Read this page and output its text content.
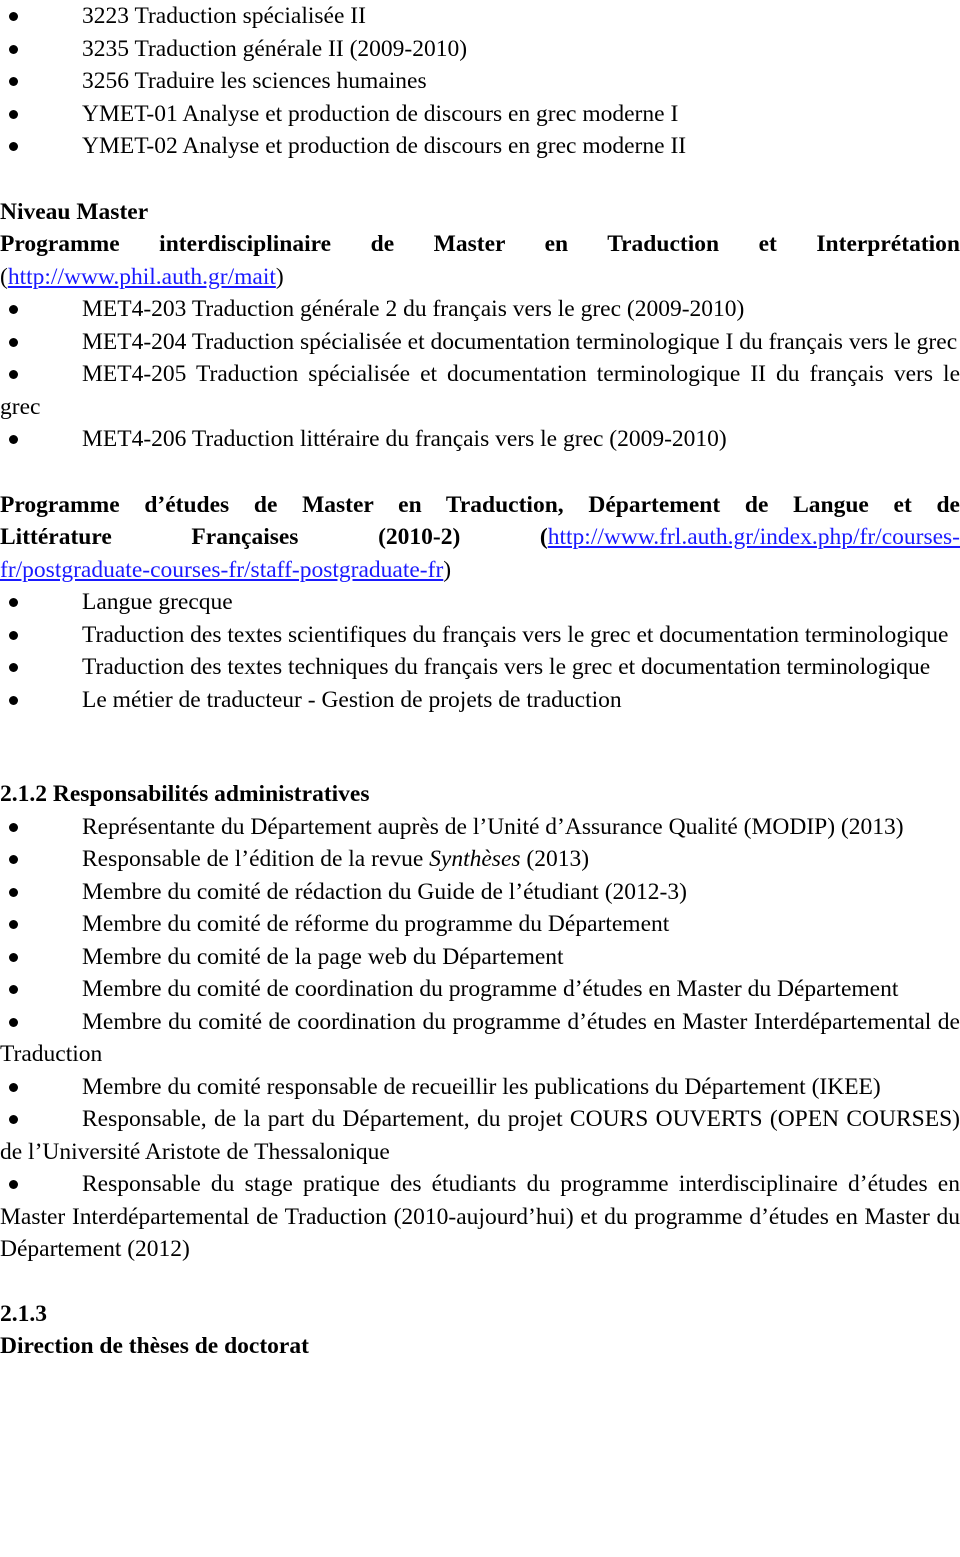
3223 Traduction spécialisée II
3235 Traduction générale II (2009-2010)
3256 Traduire les sciences humaines
YMET-01 Analyse et production de discours en grec moderne I
YMET-02 Analyse et production de discours en grec moderne II
Niveau Master
Programme interdisciplinaire de Master en Traduction et Interprétation
(http://www.phil.auth.gr/mait)
MET4-203 Traduction générale 2 du français vers le grec (2009-2010)
MET4-204 Traduction spécialisée et documentation terminologique I du français vers le grec
MET4-205 Traduction spécialisée et documentation terminologique II du français vers le grec
MET4-206 Traduction littéraire du français vers le grec (2009-2010)
Programme d’études de Master en Traduction, Département de Langue et de
Littérature Françaises (2010-2) (http://www.frl.auth.gr/index.php/fr/courses-
fr/postgraduate-courses-fr/staff-postgraduate-fr)
Langue grecque
Traduction des textes scientifiques du français vers le grec et documentation terminologique
Traduction des textes techniques du français vers le grec et documentation terminologique
Le métier de traducteur - Gestion de projets de traduction
2.1.2 Responsabilités administratives
Représentante du Département auprès de l’Unité d’Assurance Qualité (MODIP) (2013)
Responsable de l’édition de la revue Synthèses (2013)
Membre du comité de rédaction du Guide de l’étudiant (2012-3)
Membre du comité de réforme du programme du Département
Membre du comité de la page web du Département
Membre du comité de coordination du programme d’études en Master du Département
Membre du comité de coordination du programme d’études en Master Interdépartemental de Traduction
Membre du comité responsable de recueillir les publications du Département (IKEE)
Responsable, de la part du Département, du projet COURS OUVERTS (OPEN COURSES) de l’Université Aristote de Thessalonique
Responsable du stage pratique des étudiants du programme interdisciplinaire d’études en Master Interdépartemental de Traduction (2010-aujourd’hui) et du programme d’études en Master du Département (2012)
2.1.3
Direction de thèses de doctorat
